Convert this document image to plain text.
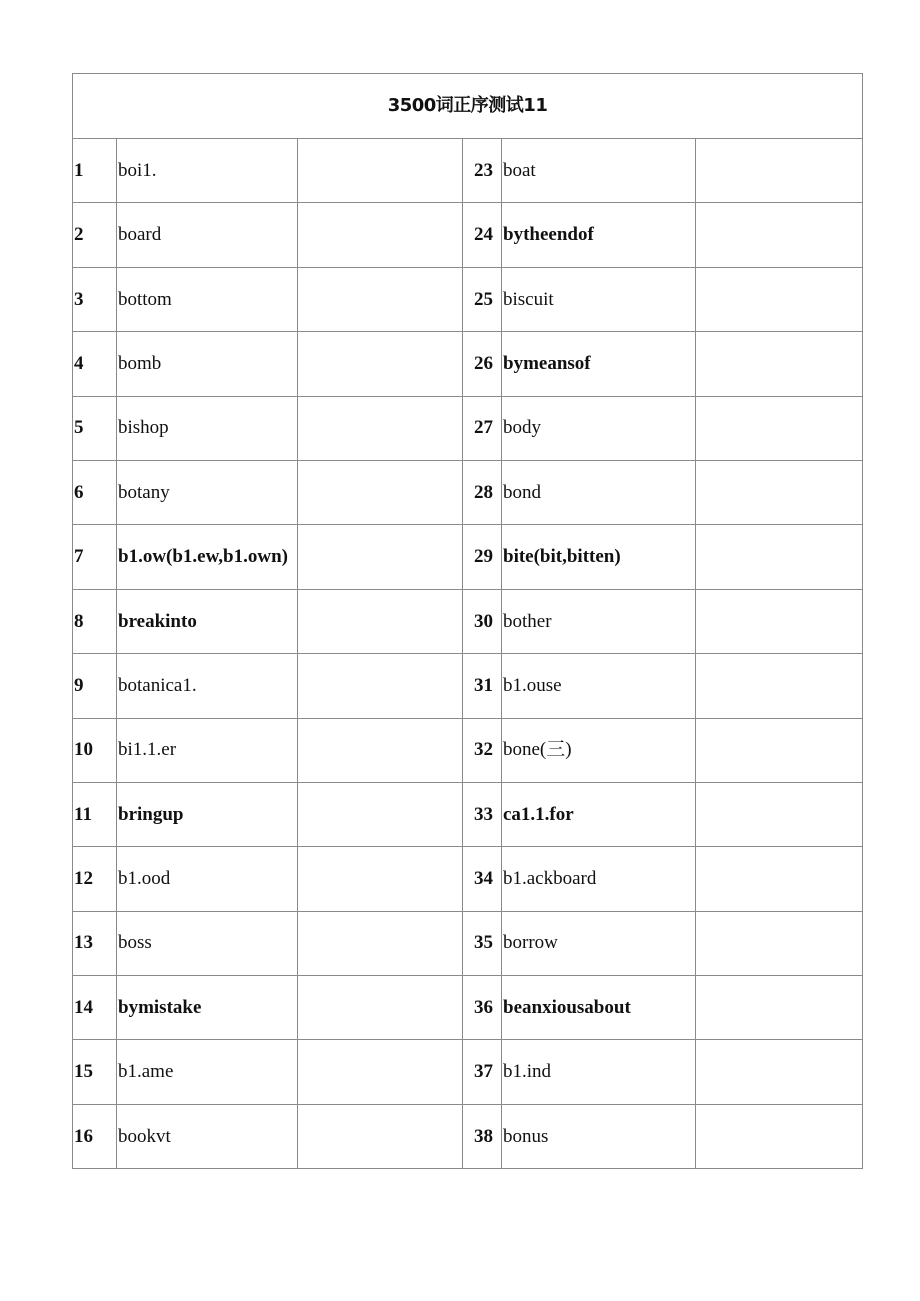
3500词正序测试11					
1	boi1.		23	boat	
2	board		24	bytheendof	
3	bottom		25	biscuit	
4	bomb		26	bymeansof	
5	bishop		27	body	
6	botany		28	bond	
7	b1.ow(b1.ew,b1.own)		29	bite(bit,bitten)	
8	breakinto		30	bother	
9	botanica1.		31	b1.ouse	
10	bi1.1.er		32	bone(三)	
11	bringup		33	ca1.1.for	
12	b1.ood		34	b1.ackboard	
13	boss		35	borrow	
14	bymistake		36	beanxiousabout	
15	b1.ame		37	b1.ind	
16	bookvt		38	bonus	
